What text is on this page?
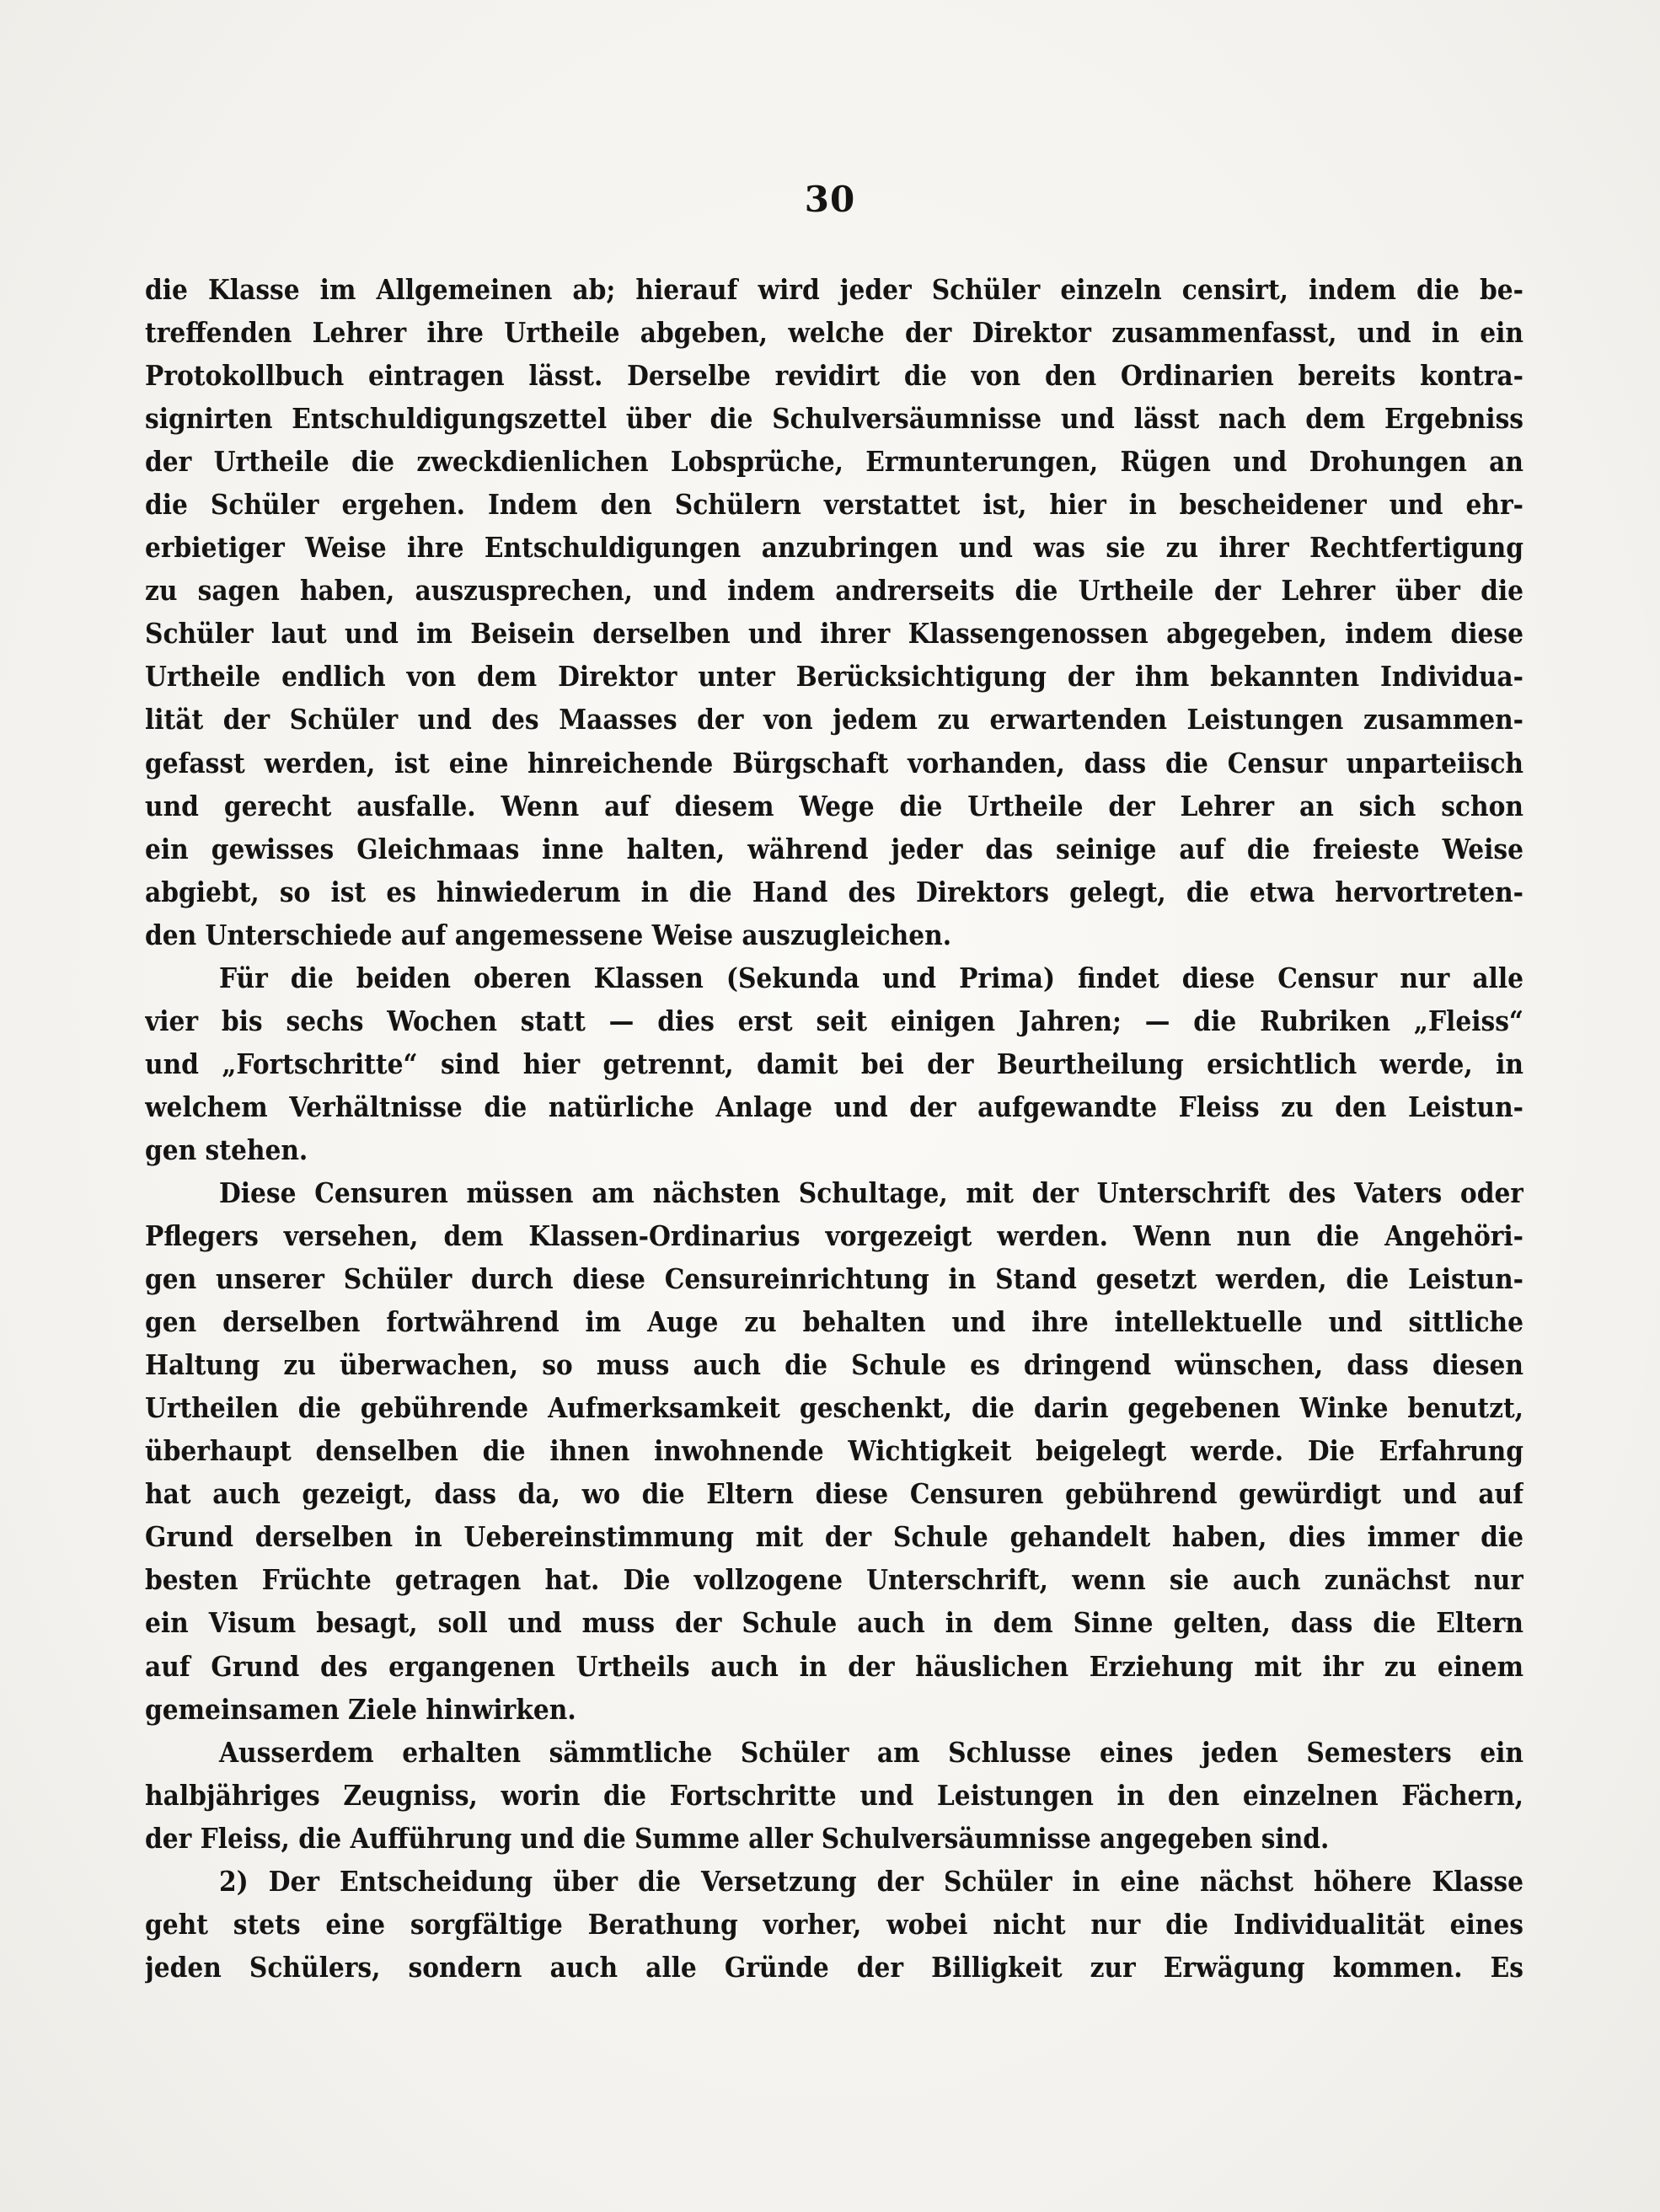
30
die Klasse im Allgemeinen ab; hierauf wird jeder Schüler einzeln censirt, indem die be-
treffenden Lehrer ihre Urtheile abgeben, welche der Direktor zusammenfasst, und in ein
Protokollbuch eintragen lässt. Derselbe revidirt die von den Ordinarien bereits kontra-
signirten Entschuldigungszettel über die Schulversäumnisse und lässt nach dem Ergebniss
der Urtheile die zweckdienlichen Lobsprüche, Ermunterungen, Rügen und Drohungen an
die Schüler ergehen. Indem den Schülern verstattet ist, hier in bescheidener und ehr-
erbietiger Weise ihre Entschuldigungen anzubringen und was sie zu ihrer Rechtfertigung
zu sagen haben, auszusprechen, und indem andrerseits die Urtheile der Lehrer über die
Schüler laut und im Beisein derselben und ihrer Klassengenossen abgegeben, indem diese
Urtheile endlich von dem Direktor unter Berücksichtigung der ihm bekannten Individua-
lität der Schüler und des Maasses der von jedem zu erwartenden Leistungen zusammen-
gefasst werden, ist eine hinreichende Bürgschaft vorhanden, dass die Censur unparteiisch
und gerecht ausfalle. Wenn auf diesem Wege die Urtheile der Lehrer an sich schon
ein gewisses Gleichmaas inne halten, während jeder das seinige auf die freieste Weise
abgiebt, so ist es hinwiederum in die Hand des Direktors gelegt, die etwa hervortreten-
den Unterschiede auf angemessene Weise auszugleichen.
Für die beiden oberen Klassen (Sekunda und Prima) findet diese Censur nur alle
vier bis sechs Wochen statt — dies erst seit einigen Jahren; — die Rubriken „Fleiss“
und „Fortschritte“ sind hier getrennt, damit bei der Beurtheilung ersichtlich werde, in
welchem Verhältnisse die natürliche Anlage und der aufgewandte Fleiss zu den Leistun-
gen stehen.
Diese Censuren müssen am nächsten Schultage, mit der Unterschrift des Vaters oder
Pflegers versehen, dem Klassen-Ordinarius vorgezeigt werden. Wenn nun die Angehöri-
gen unserer Schüler durch diese Censureinrichtung in Stand gesetzt werden, die Leistun-
gen derselben fortwährend im Auge zu behalten und ihre intellektuelle und sittliche
Haltung zu überwachen, so muss auch die Schule es dringend wünschen, dass diesen
Urtheilen die gebührende Aufmerksamkeit geschenkt, die darin gegebenen Winke benutzt,
überhaupt denselben die ihnen inwohnende Wichtigkeit beigelegt werde. Die Erfahrung
hat auch gezeigt, dass da, wo die Eltern diese Censuren gebührend gewürdigt und auf
Grund derselben in Uebereinstimmung mit der Schule gehandelt haben, dies immer die
besten Früchte getragen hat. Die vollzogene Unterschrift, wenn sie auch zunächst nur
ein Visum besagt, soll und muss der Schule auch in dem Sinne gelten, dass die Eltern
auf Grund des ergangenen Urtheils auch in der häuslichen Erziehung mit ihr zu einem
gemeinsamen Ziele hinwirken.
Ausserdem erhalten sämmtliche Schüler am Schlusse eines jeden Semesters ein
halbjähriges Zeugniss, worin die Fortschritte und Leistungen in den einzelnen Fächern,
der Fleiss, die Aufführung und die Summe aller Schulversäumnisse angegeben sind.
2) Der Entscheidung über die Versetzung der Schüler in eine nächst höhere Klasse
geht stets eine sorgfältige Berathung vorher, wobei nicht nur die Individualität eines
jeden Schülers, sondern auch alle Gründe der Billigkeit zur Erwägung kommen. Es
